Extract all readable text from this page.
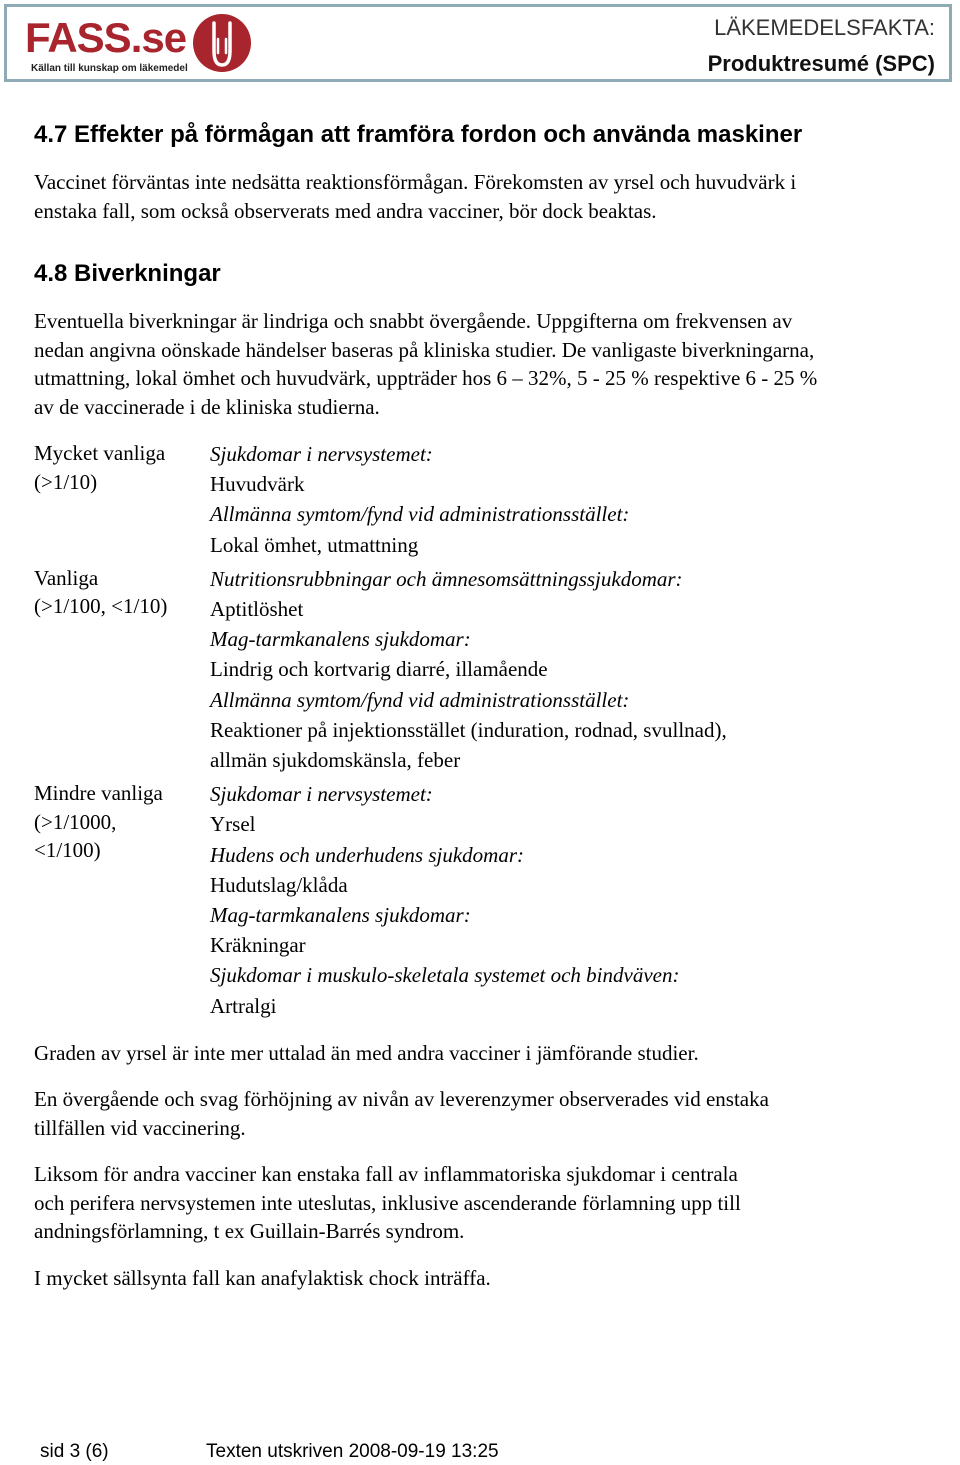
FASS.se
Källan till kunskap om läkemedel
LÄKEMEDELSFAKTA:
Produktresumé (SPC)
4.7 Effekter på förmågan att framföra fordon och använda maskiner

Vaccinet förväntas inte nedsätta reaktionsförmågan. Förekomsten av yrsel och huvudvärk i
enstaka fall, som också observerats med andra vacciner, bör dock beaktas.

4.8 Biverkningar

Eventuella biverkningar är lindriga och snabbt övergående. Uppgifterna om frekvensen av
nedan angivna oönskade händelser baseras på kliniska studier. De vanligaste biverkningarna,
utmattning, lokal ömhet och huvudvärk, uppträder hos 6 – 32%, 5 - 25 % respektive 6 - 25 %
av de vaccinerade i de kliniska studierna.

Mycket vanliga
(>1/10)
Sjukdomar i nervsystemet:
Huvudvärk
Allmänna symtom/fynd vid administrationsstället:
Lokal ömhet, utmattning
Vanliga
(>1/100, <1/10)
Nutritionsrubbningar och ämnesomsättningssjukdomar:
Aptitlöshet
Mag-tarmkanalens sjukdomar:
Lindrig och kortvarig diarré, illamående
Allmänna symtom/fynd vid administrationsstället:
Reaktioner på injektionsstället (induration, rodnad, svullnad),
allmän sjukdomskänsla, feber
Mindre vanliga
(>1/1000,
<1/100)
Sjukdomar i nervsystemet:
Yrsel
Hudens och underhudens sjukdomar:
Hudutslag/klåda
Mag-tarmkanalens sjukdomar:
Kräkningar
Sjukdomar i muskulo-skeletala systemet och bindväven:
Artralgi

Graden av yrsel är inte mer uttalad än med andra vacciner i jämförande studier.

En övergående och svag förhöjning av nivån av leverenzymer observerades vid enstaka
tillfällen vid vaccinering.

Liksom för andra vacciner kan enstaka fall av inflammatoriska sjukdomar i centrala
och perifera nervsystemen inte uteslutas, inklusive ascenderande förlamning upp till
andningsförlamning, t ex Guillain-Barrés syndrom.

I mycket sällsynta fall kan anafylaktisk chock inträffa.

sid 3 (6)	Texten utskriven 2008-09-19 13:25
